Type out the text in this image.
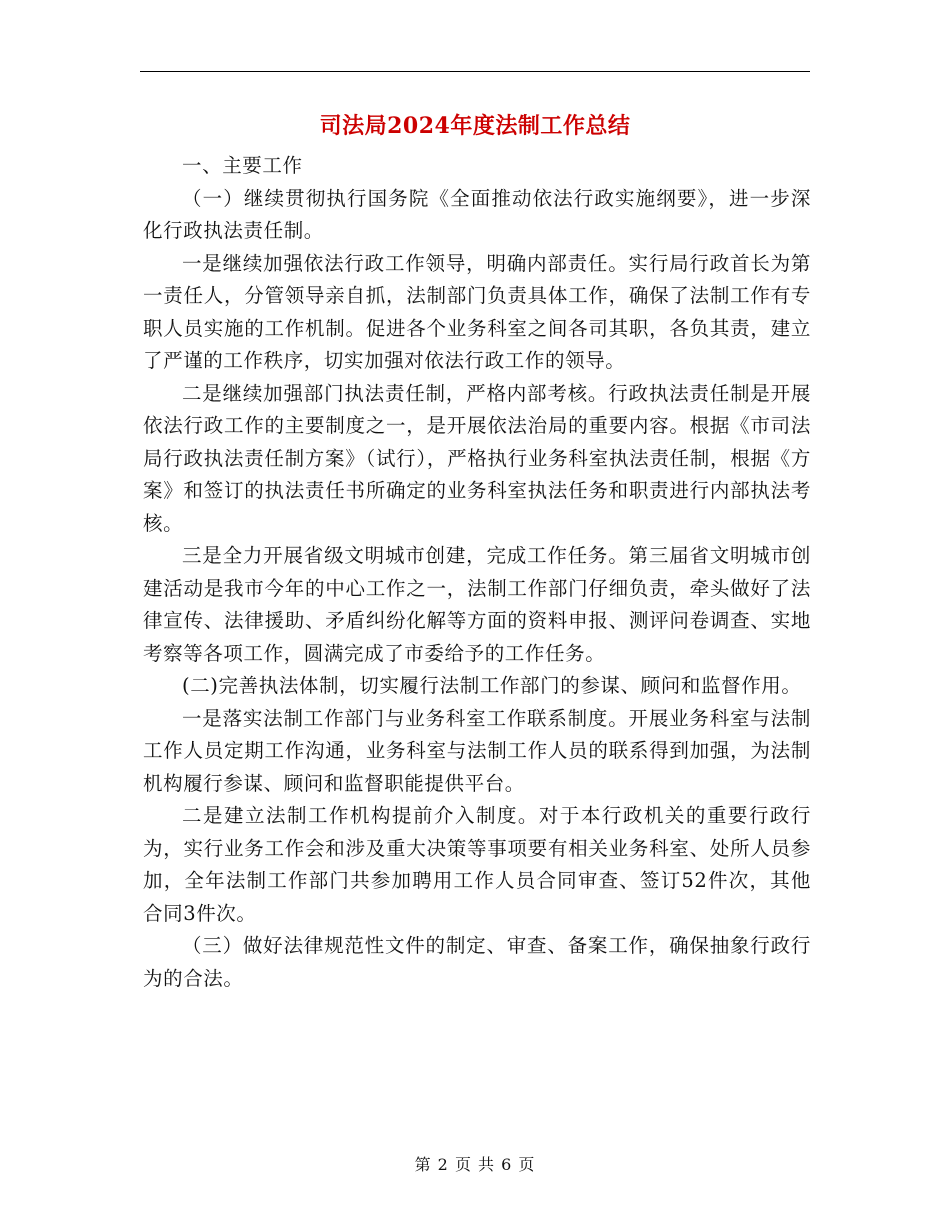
司法局2024年度法制工作总结

一、主要工作

（一）继续贯彻执行国务院《全面推动依法行政实施纲要》，进一步深化行政执法责任制。

一是继续加强依法行政工作领导，明确内部责任。实行局行政首长为第一责任人，分管领导亲自抓，法制部门负责具体工作，确保了法制工作有专职人员实施的工作机制。促进各个业务科室之间各司其职，各负其责，建立了严谨的工作秩序，切实加强对依法行政工作的领导。

二是继续加强部门执法责任制，严格内部考核。行政执法责任制是开展依法行政工作的主要制度之一，是开展依法治局的重要内容。根据《市司法局行政执法责任制方案》（试行），严格执行业务科室执法责任制，根据《方案》和签订的执法责任书所确定的业务科室执法任务和职责进行内部执法考核。

三是全力开展省级文明城市创建，完成工作任务。第三届省文明城市创建活动是我市今年的中心工作之一，法制工作部门仔细负责，牵头做好了法律宣传、法律援助、矛盾纠纷化解等方面的资料申报、测评问卷调查、实地考察等各项工作，圆满完成了市委给予的工作任务。

(二)完善执法体制，切实履行法制工作部门的参谋、顾问和监督作用。

一是落实法制工作部门与业务科室工作联系制度。开展业务科室与法制工作人员定期工作沟通，业务科室与法制工作人员的联系得到加强，为法制机构履行参谋、顾问和监督职能提供平台。

二是建立法制工作机构提前介入制度。对于本行政机关的重要行政行为，实行业务工作会和涉及重大决策等事项要有相关业务科室、处所人员参加，全年法制工作部门共参加聘用工作人员合同审查、签订52件次，其他合同3件次。

（三）做好法律规范性文件的制定、审查、备案工作，确保抽象行政行为的合法。

第 2 页 共 6 页
